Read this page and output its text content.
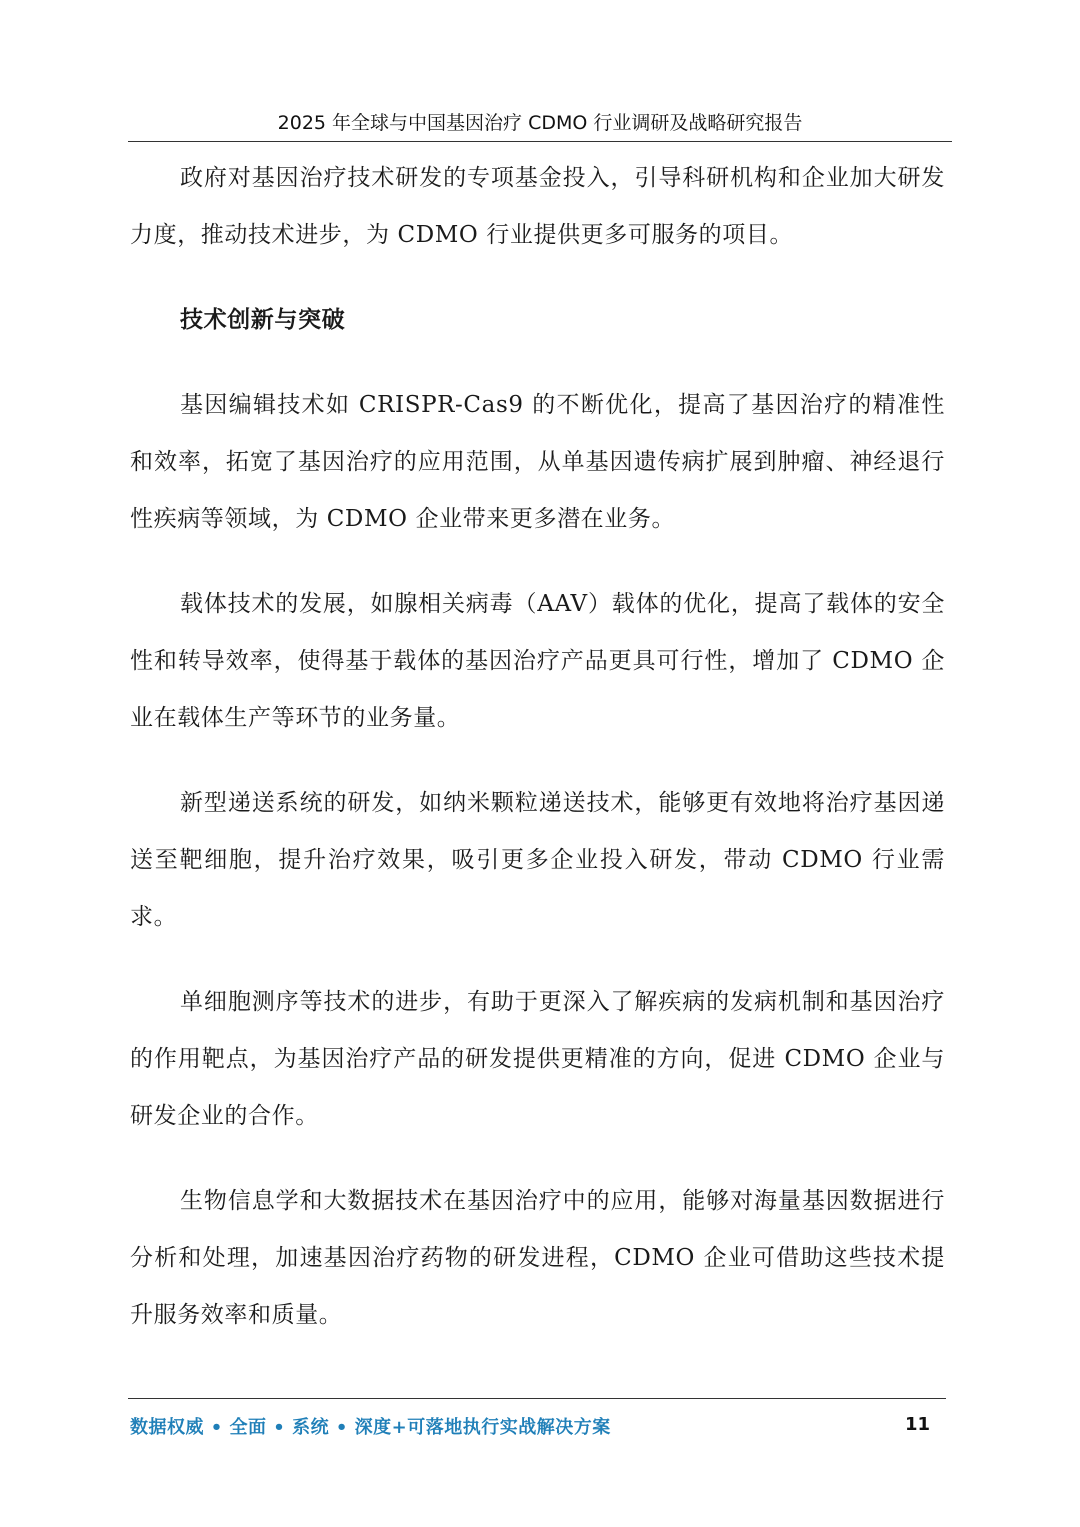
2025 年全球与中国基因治疗 CDMO 行业调研及战略研究报告

政府对基因治疗技术研发的专项基金投入，引导科研机构和企业加大研发力度，推动技术进步，为 CDMO 行业提供更多可服务的项目。

技术创新与突破

基因编辑技术如 CRISPR-Cas9 的不断优化，提高了基因治疗的精准性和效率，拓宽了基因治疗的应用范围，从单基因遗传病扩展到肿瘤、神经退行性疾病等领域，为 CDMO 企业带来更多潜在业务。

载体技术的发展，如腺相关病毒（AAV）载体的优化，提高了载体的安全性和转导效率，使得基于载体的基因治疗产品更具可行性，增加了 CDMO 企业在载体生产等环节的业务量。

新型递送系统的研发，如纳米颗粒递送技术，能够更有效地将治疗基因递送至靶细胞，提升治疗效果，吸引更多企业投入研发，带动 CDMO 行业需求。

单细胞测序等技术的进步，有助于更深入了解疾病的发病机制和基因治疗的作用靶点，为基因治疗产品的研发提供更精准的方向，促进 CDMO 企业与研发企业的合作。

生物信息学和大数据技术在基因治疗中的应用，能够对海量基因数据进行分析和处理，加速基因治疗药物的研发进程，CDMO 企业可借助这些技术提升服务效率和质量。

数据权威 • 全面 • 系统 • 深度+可落地执行实战解决方案	11
